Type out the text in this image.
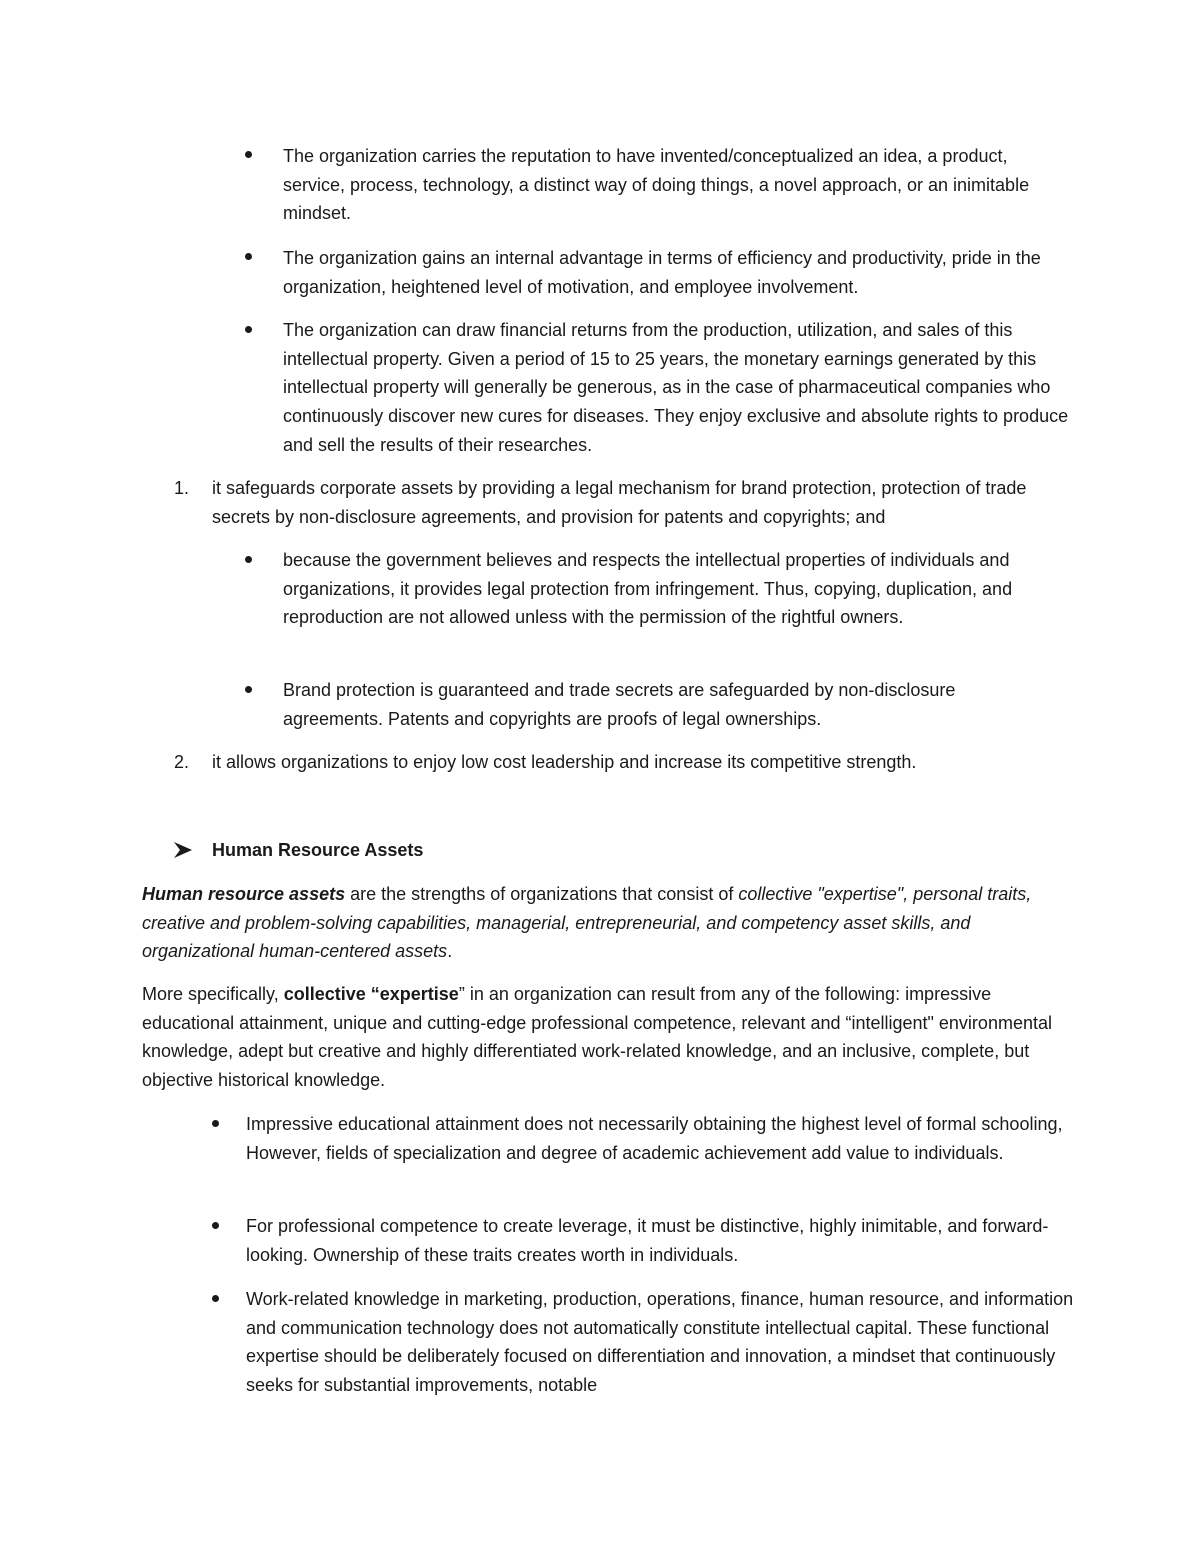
The organization carries the reputation to have invented/conceptualized an idea, a product, service, process, technology, a distinct way of doing things, a novel approach, or an inimitable mindset.
The organization gains an internal advantage in terms of efficiency and productivity, pride in the organization, heightened level of motivation, and employee involvement.
The organization can draw financial returns from the production, utilization, and sales of this intellectual property. Given a period of 15 to 25 years, the monetary earnings generated by this intellectual property will generally be generous, as in the case of pharmaceutical companies who continuously discover new cures for diseases. They enjoy exclusive and absolute rights to produce and sell the results of their researches.
1. it safeguards corporate assets by providing a legal mechanism for brand protection, protection of trade secrets by non-disclosure agreements, and provision for patents and copyrights; and
because the government believes and respects the intellectual properties of individuals and organizations, it provides legal protection from infringement. Thus, copying, duplication, and reproduction are not allowed unless with the permission of the rightful owners.
Brand protection is guaranteed and trade secrets are safeguarded by non-disclosure agreements. Patents and copyrights are proofs of legal ownerships.
2. it allows organizations to enjoy low cost leadership and increase its competitive strength.
Human Resource Assets
Human resource assets are the strengths of organizations that consist of collective "expertise", personal traits, creative and problem-solving capabilities, managerial, entrepreneurial, and competency asset skills, and organizational human-centered assets.
More specifically, collective “expertise” in an organization can result from any of the following: impressive educational attainment, unique and cutting-edge professional competence, relevant and “intelligent" environmental knowledge, adept but creative and highly differentiated work-related knowledge, and an inclusive, complete, but objective historical knowledge.
Impressive educational attainment does not necessarily obtaining the highest level of formal schooling, However, fields of specialization and degree of academic achievement add value to individuals.
For professional competence to create leverage, it must be distinctive, highly inimitable, and forward-looking. Ownership of these traits creates worth in individuals.
Work-related knowledge in marketing, production, operations, finance, human resource, and information and communication technology does not automatically constitute intellectual capital. These functional expertise should be deliberately focused on differentiation and innovation, a mindset that continuously seeks for substantial improvements, notable
